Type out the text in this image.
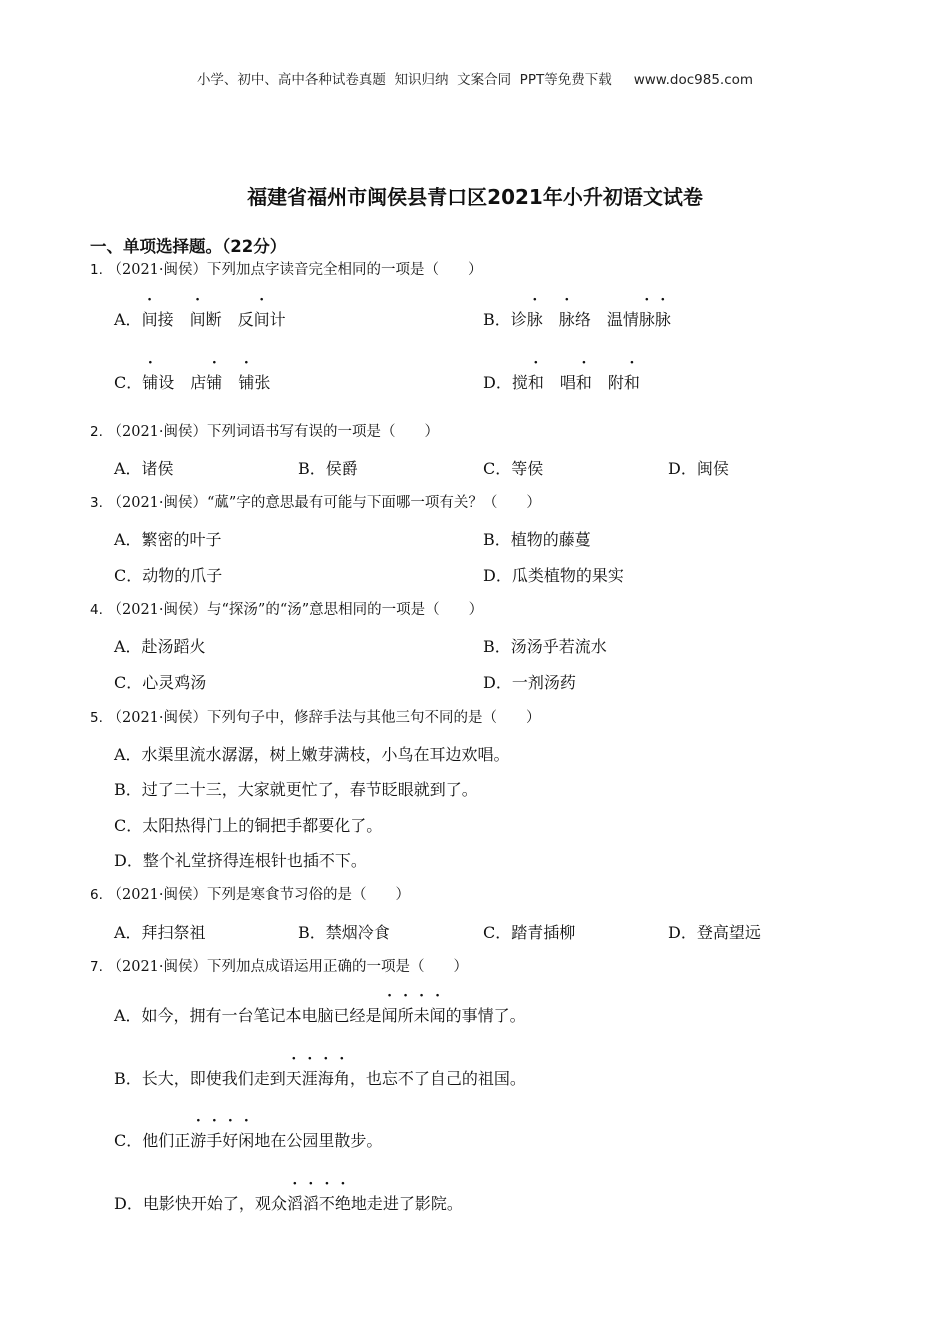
小学、初中、高中各种试卷真题  知识归纳  文案合同  PPT等免费下载 www.doc985.com
福建省福州市闽侯县青口区2021年小升初语文试卷
一、单项选择题。（22分）
1. （2021·闽侯）下列加点字读音完全相同的一项是（　　）
A．间接 间断 反间计	B．诊脉 脉络 温情脉脉
C．铺设 店铺 铺张	D．搅和 唱和 附和
2. （2021·闽侯）下列词语书写有误的一项是（　　）
A．诸侯	B．侯爵	C．等侯	D．闽侯
3. （2021·闽侯）“蓏”字的意思最有可能与下面哪一项有关？（　　）
A．繁密的叶子	B．植物的藤蔓
C．动物的爪子	D．瓜类植物的果实
4. （2021·闽侯）与“探汤”的“汤”意思相同的一项是（　　）
A．赴汤蹈火	B．汤汤乎若流水
C．心灵鸡汤	D．一剂汤药
5. （2021·闽侯）下列句子中，修辞手法与其他三句不同的是（　　）
A．水渠里流水潺潺，树上嫩芽满枝，小鸟在耳边欢唱。
B．过了二十三，大家就更忙了，春节眨眼就到了。
C．太阳热得门上的铜把手都要化了。
D．整个礼堂挤得连根针也插不下。
6. （2021·闽侯）下列是寒食节习俗的是（　　）
A．拜扫祭祖	B．禁烟冷食	C．踏青插柳	D．登高望远
7. （2021·闽侯）下列加点成语运用正确的一项是（　　）
A．如今，拥有一台笔记本电脑已经是闻所未闻的事情了。
B．长大，即使我们走到天涯海角，也忘不了自己的祖国。
C．他们正游手好闲地在公园里散步。
D．电影快开始了，观众滔滔不绝地走进了影院。
